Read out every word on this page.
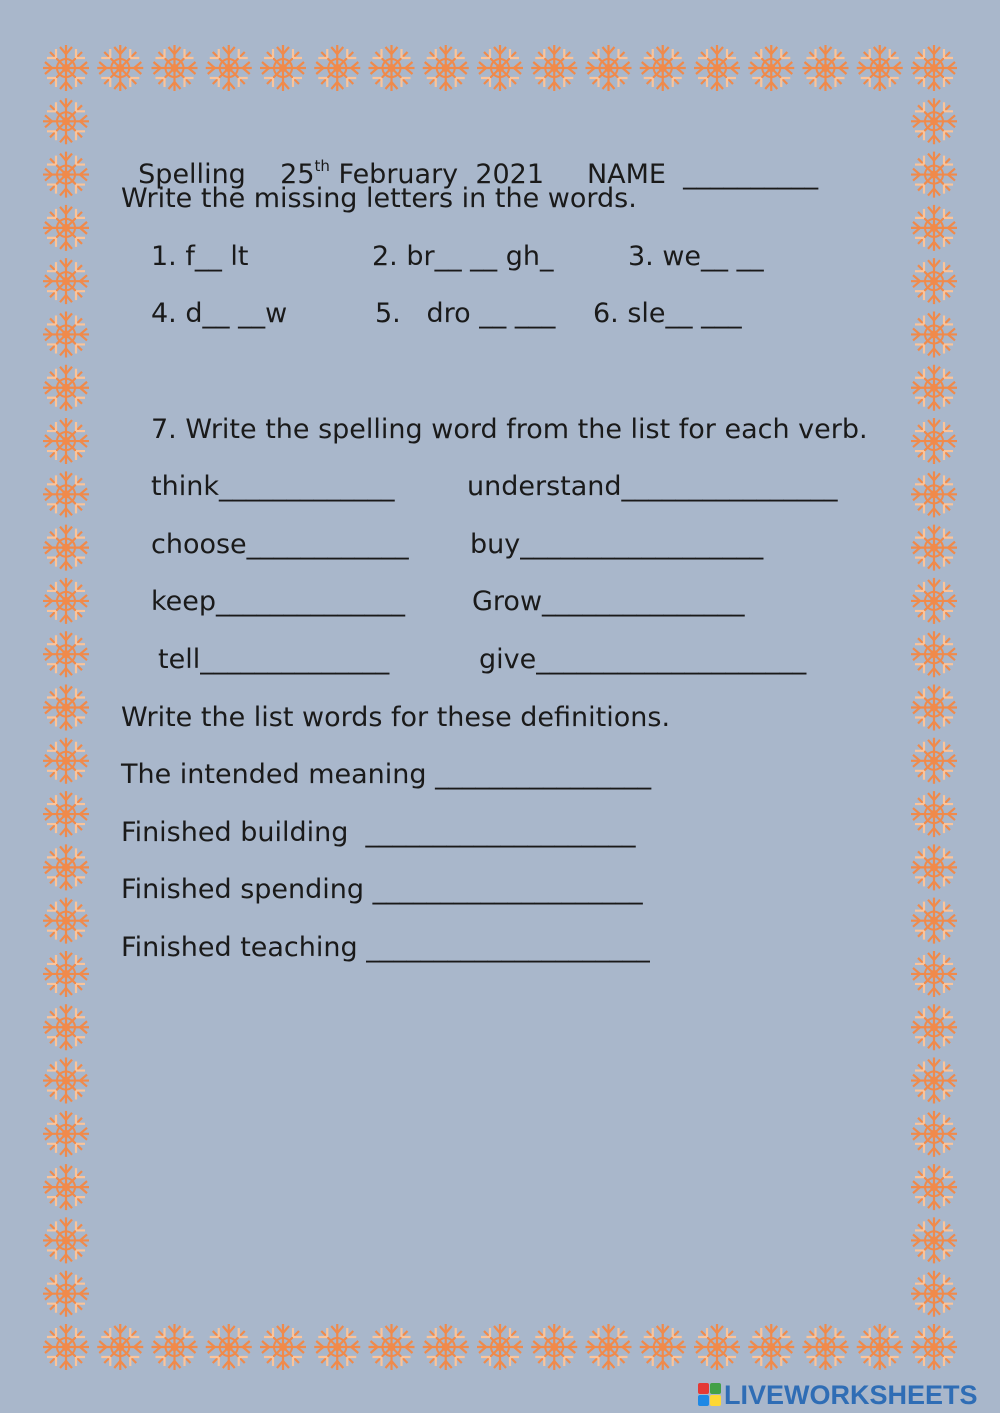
Spelling 25th February  2021 NAME __________

Write the missing letters in the words.
1. f__ lt	2. br__ __ gh_	3. we__ __
4. d__ __w	5.   dro __ ___ 6. sle__ ___
7. Write the spelling word from the list for each verb.
think_____________	understand________________
choose____________ buy__________________
keep______________ Grow_______________
tell______________	give____________________
Write the list words for these definitions.
The intended meaning ________________
Finished building  ____________________
Finished spending ____________________
Finished teaching _____________________
LIVEWORKSHEETS
